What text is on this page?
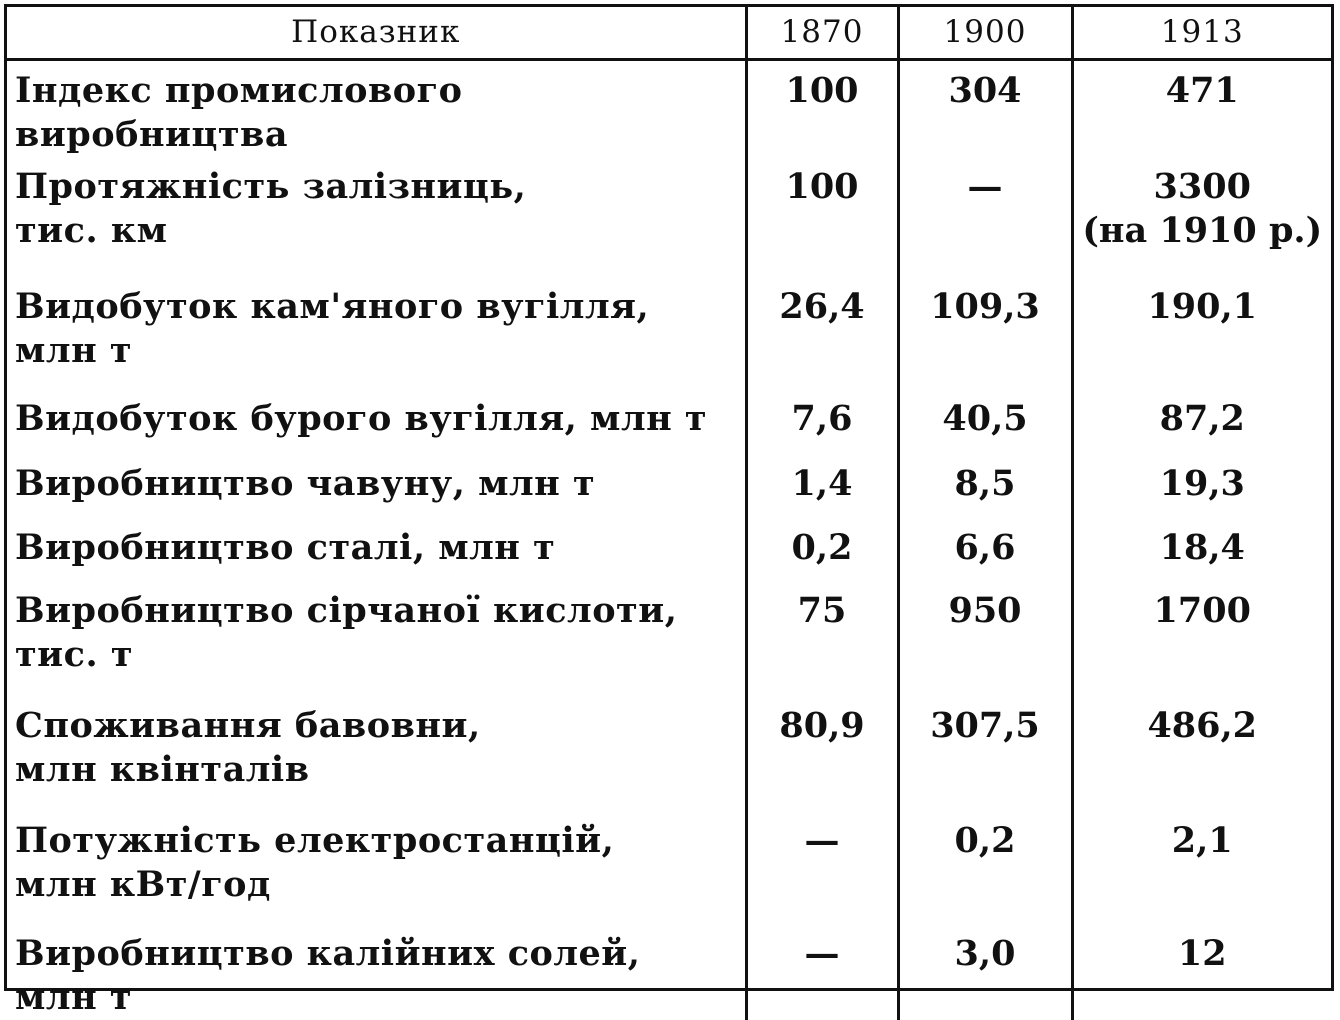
Показник	1870	1900	1913

Індекс промислового виробництва	100	304	471

Протяжність залізниць,
тис. км	100	—	3300
(на 1910 р.)

Видобуток кам'яного вугілля,
млн т	26,4	109,3	190,1

Видобуток бурого вугілля, млн т	7,6	40,5	87,2

Виробництво чавуну, млн т	1,4	8,5	19,3

Виробництво сталі, млн т	0,2	6,6	18,4

Виробництво сірчаної кислоти,
тис. т	75	950	1700

Споживання бавовни,
млн квінталів	80,9	307,5	486,2

Потужність електростанцій,
млн кВт/год	—	0,2	2,1

Виробництво калійних солей,
млн т	—	3,0	12
